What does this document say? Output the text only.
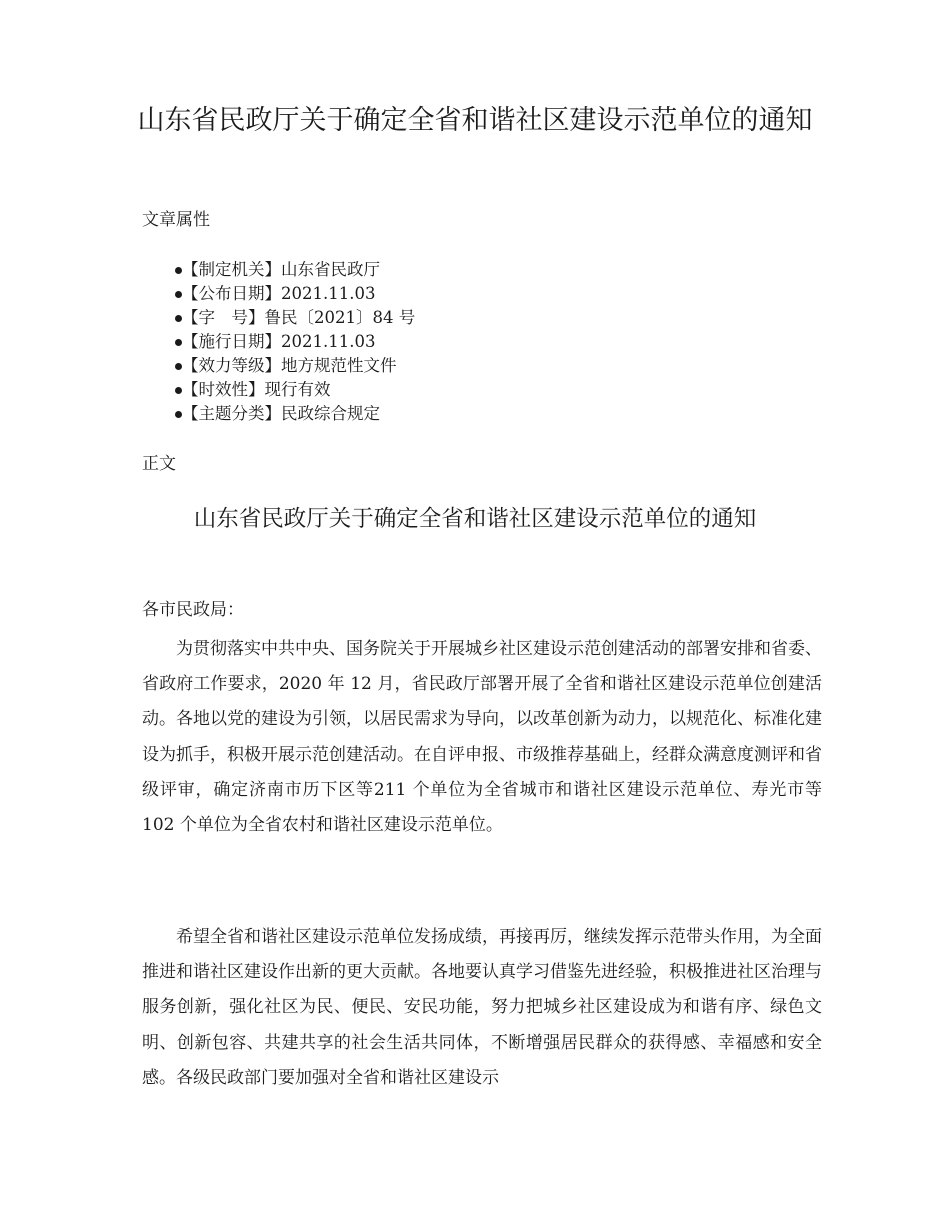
山东省民政厅关于确定全省和谐社区建设示范单位的通知

文章属性

【制定机关】山东省民政厅
【公布日期】2021.11.03
【字　号】鲁民〔2021〕84 号
【施行日期】2021.11.03
【效力等级】地方规范性文件
【时效性】现行有效
【主题分类】民政综合规定

正文

山东省民政厅关于确定全省和谐社区建设示范单位的通知

各市民政局：

为贯彻落实中共中央、国务院关于开展城乡社区建设示范创建活动的部署安排和省委、省政府工作要求，2020 年 12 月，省民政厅部署开展了全省和谐社区建设示范单位创建活动。各地以党的建设为引领，以居民需求为导向，以改革创新为动力，以规范化、标准化建设为抓手，积极开展示范创建活动。在自评申报、市级推荐基础上，经群众满意度测评和省级评审，确定济南市历下区等211 个单位为全省城市和谐社区建设示范单位、寿光市等102 个单位为全省农村和谐社区建设示范单位。

希望全省和谐社区建设示范单位发扬成绩，再接再厉，继续发挥示范带头作用，为全面推进和谐社区建设作出新的更大贡献。各地要认真学习借鉴先进经验，积极推进社区治理与服务创新，强化社区为民、便民、安民功能，努力把城乡社区建设成为和谐有序、绿色文明、创新包容、共建共享的社会生活共同体，不断增强居民群众的获得感、幸福感和安全感。各级民政部门要加强对全省和谐社区建设示
